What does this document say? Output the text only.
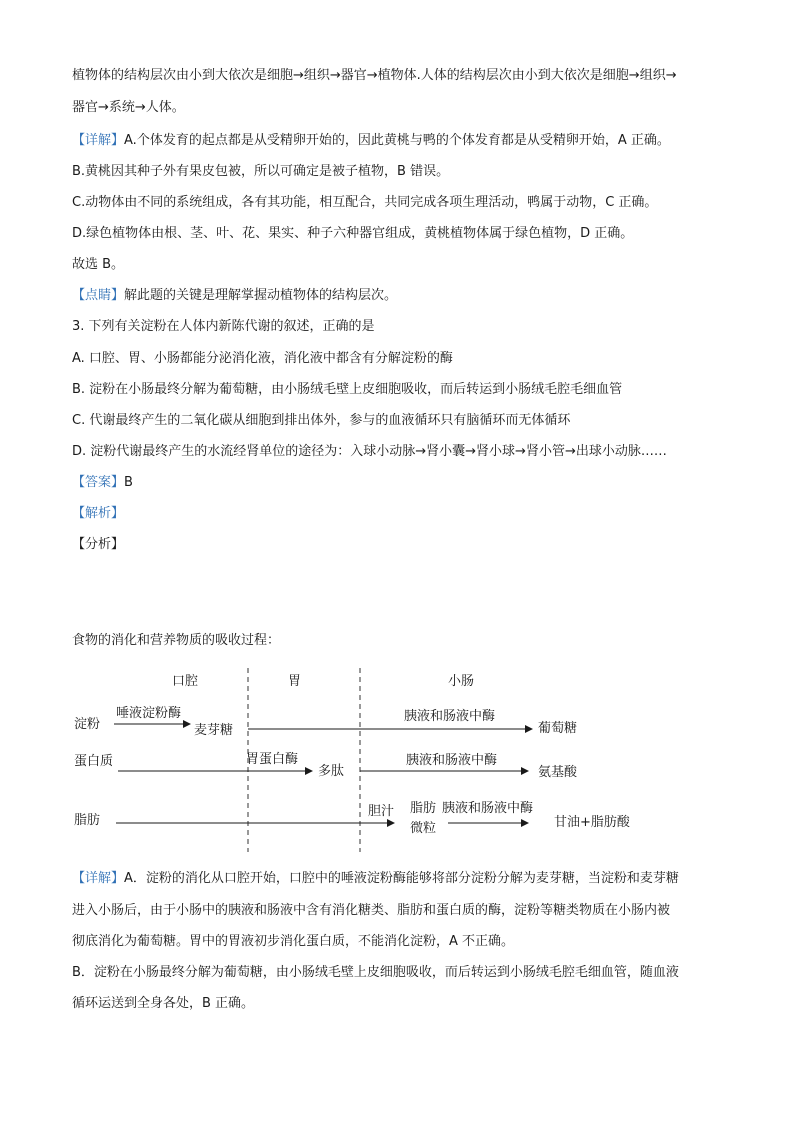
植物体的结构层次由小到大依次是细胞→组织→器官→植物体.人体的结构层次由小到大依次是细胞→组织→
器官→系统→人体。
【详解】A.个体发育的起点都是从受精卵开始的，因此黄桃与鸭的个体发育都是从受精卵开始，A 正确。
B.黄桃因其种子外有果皮包被，所以可确定是被子植物，B 错误。
C.动物体由不同的系统组成，各有其功能，相互配合，共同完成各项生理活动，鸭属于动物，C 正确。
D.绿色植物体由根、茎、叶、花、果实、种子六种器官组成，黄桃植物体属于绿色植物，D 正确。
故选 B。
【点睛】解此题的关键是理解掌握动植物体的结构层次。
3. 下列有关淀粉在人体内新陈代谢的叙述，正确的是
A. 口腔、胃、小肠都能分泌消化液，消化液中都含有分解淀粉的酶
B. 淀粉在小肠最终分解为葡萄糖，由小肠绒毛壁上皮细胞吸收，而后转运到小肠绒毛腔毛细血管
C. 代谢最终产生的二氧化碳从细胞到排出体外，参与的血液循环只有脑循环而无体循环
D. 淀粉代谢最终产生的水流经肾单位的途径为：入球小动脉→肾小囊→肾小球→肾小管→出球小动脉……
【答案】B
【解析】
【分析】
食物的消化和营养物质的吸收过程：
口腔	胃	小肠
淀粉
唾液淀粉酶
麦芽糖
胰液和肠液中酶
葡萄糖
蛋白质	胃蛋白酶
多肽
胰液和肠液中酶
氨基酸
脂肪
胆汁 脂肪 胰液和肠液中酶
微粒	甘油+脂肪酸
【详解】A．淀粉的消化从口腔开始，口腔中的唾液淀粉酶能够将部分淀粉分解为麦芽糖，当淀粉和麦芽糖
进入小肠后，由于小肠中的胰液和肠液中含有消化糖类、脂肪和蛋白质的酶，淀粉等糖类物质在小肠内被
彻底消化为葡萄糖。胃中的胃液初步消化蛋白质，不能消化淀粉，A 不正确。
B．淀粉在小肠最终分解为葡萄糖，由小肠绒毛壁上皮细胞吸收，而后转运到小肠绒毛腔毛细血管，随血液
循环运送到全身各处，B 正确。
